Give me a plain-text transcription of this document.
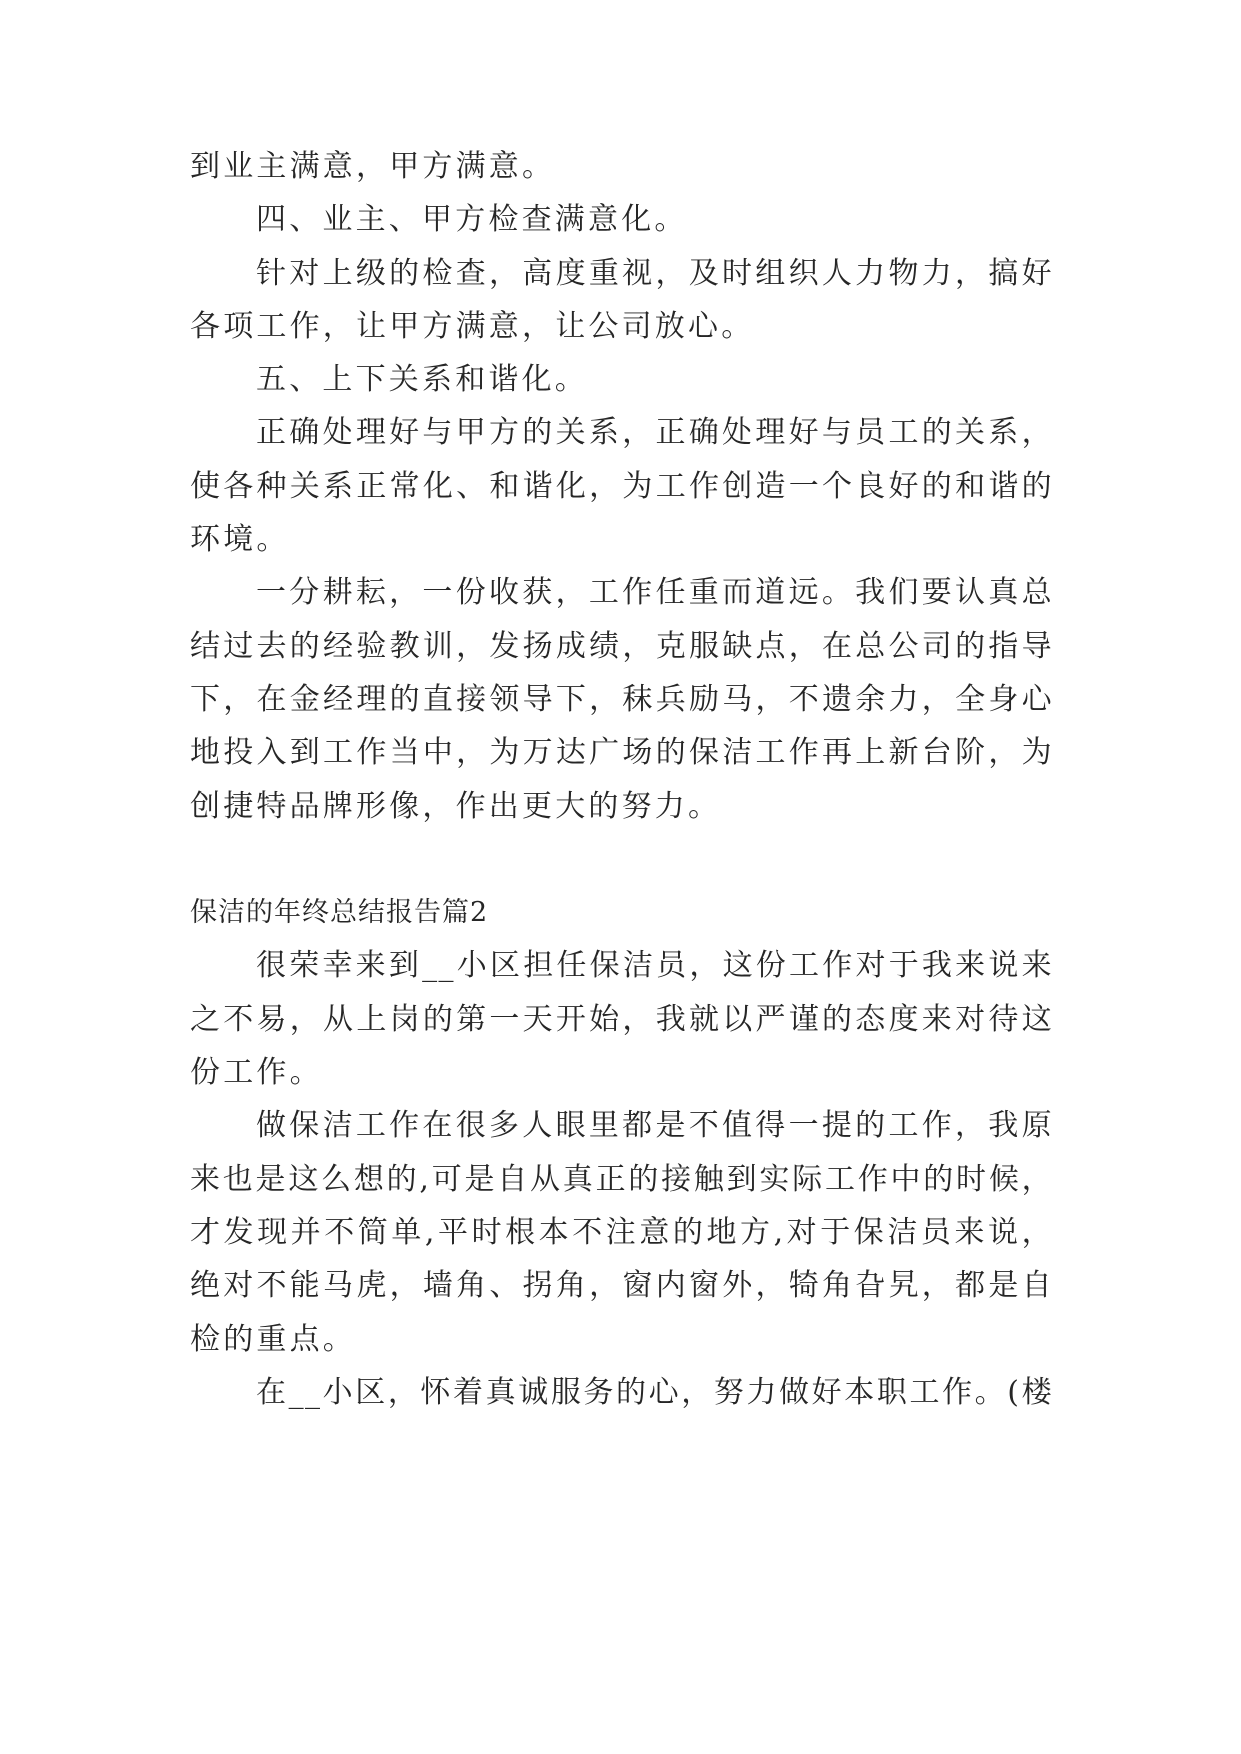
到业主满意，甲方满意。
四、业主、甲方检查满意化。
针对上级的检查，高度重视，及时组织人力物力，搞好
各项工作，让甲方满意，让公司放心。
五、上下关系和谐化。
正确处理好与甲方的关系，正确处理好与员工的关系，
使各种关系正常化、和谐化，为工作创造一个良好的和谐的
环境。
一分耕耘，一份收获，工作任重而道远。我们要认真总
结过去的经验教训，发扬成绩，克服缺点，在总公司的指导
下，在金经理的直接领导下，秣兵励马，不遗余力，全身心
地投入到工作当中，为万达广场的保洁工作再上新台阶，为
创捷特品牌形像，作出更大的努力。
保洁的年终总结报告篇2
很荣幸来到__小区担任保洁员，这份工作对于我来说来
之不易，从上岗的第一天开始，我就以严谨的态度来对待这
份工作。
做保洁工作在很多人眼里都是不值得一提的工作，我原
来也是这么想的,可是自从真正的接触到实际工作中的时候，
才发现并不简单,平时根本不注意的地方,对于保洁员来说，
绝对不能马虎，墙角、拐角，窗内窗外，犄角旮旯，都是自
检的重点。
在__小区，怀着真诚服务的心，努力做好本职工作。(楼
